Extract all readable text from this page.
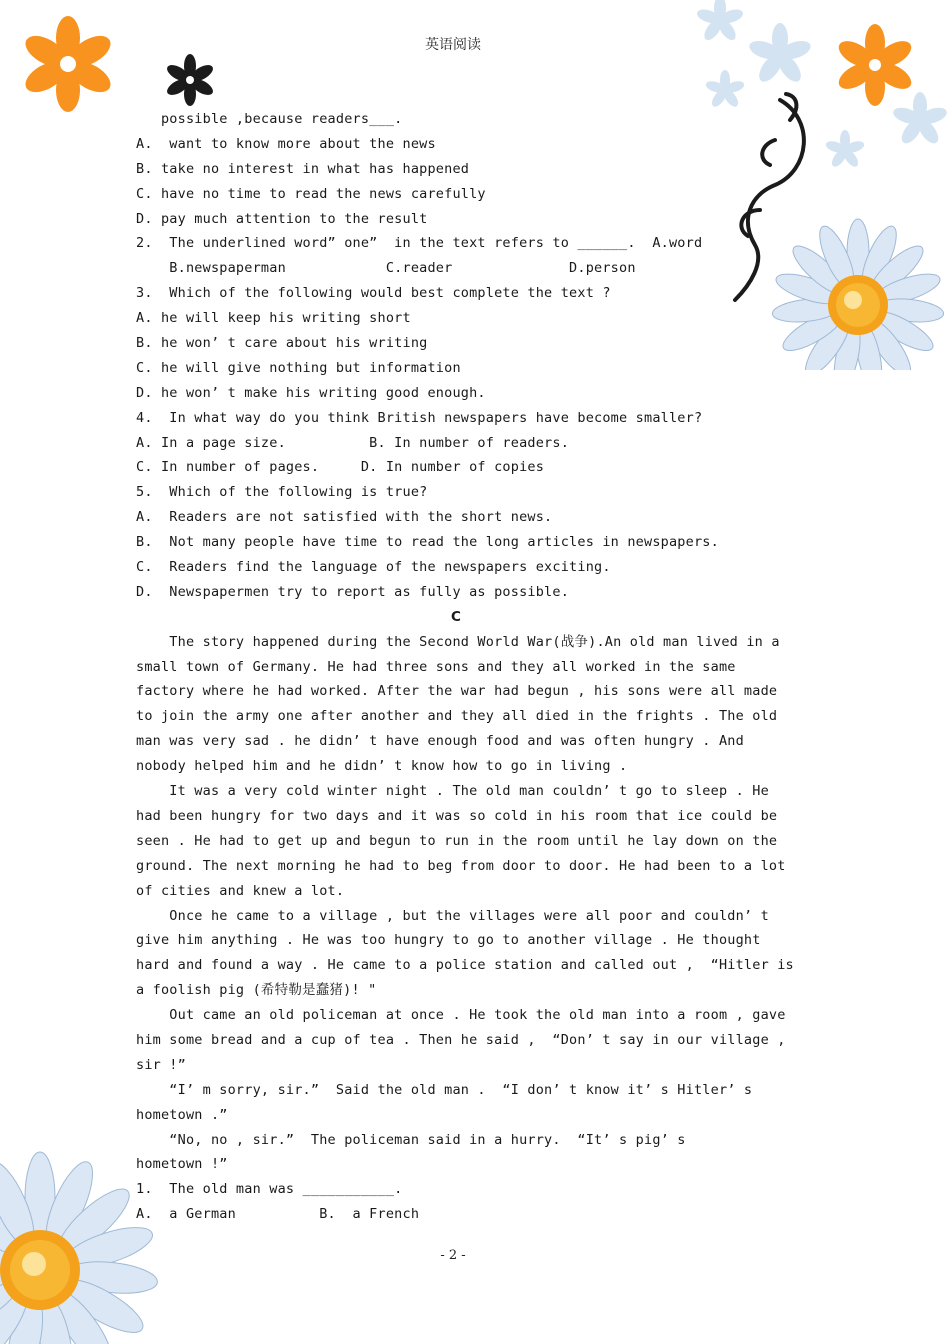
英语阅读
possible ,because readers___.
A.  want to know more about the news
B. take no interest in what has happened
C. have no time to read the news carefully
D. pay much attention to the result
2.  The underlined word” one”  in the text refers to ______.  A.word
B.newspaperman            C.reader              D.person
3.  Which of the following would best complete the text ?
A. he will keep his writing short
B. he won’ t care about his writing
C. he will give nothing but information
D. he won’ t make his writing good enough.
4.  In what way do you think British newspapers have become smaller?
A. In a page size.          B. In number of readers.
C. In number of pages.     D. In number of copies
5.  Which of the following is true?
A.  Readers are not satisfied with the short news.
B.  Not many people have time to read the long articles in newspapers.
C.  Readers find the language of the newspapers exciting.
D.  Newspapermen try to report as fully as possible.
C
The story happened during the Second World War(战争).An old man lived in a
small town of Germany. He had three sons and they all worked in the same
factory where he had worked. After the war had begun , his sons were all made
to join the army one after another and they all died in the frights . The old
man was very sad . he didn’ t have enough food and was often hungry . And
nobody helped him and he didn’ t know how to go in living .
It was a very cold winter night . The old man couldn’ t go to sleep . He
had been hungry for two days and it was so cold in his room that ice could be
seen . He had to get up and begun to run in the room until he lay down on the
ground. The next morning he had to beg from door to door. He had been to a lot
of cities and knew a lot.
Once he came to a village , but the villages were all poor and couldn’ t
give him anything . He was too hungry to go to another village . He thought
hard and found a way . He came to a police station and called out ,  “Hitler is
a foolish pig (希特勒是蠢猪)! "
Out came an old policeman at once . He took the old man into a room , gave
him some bread and a cup of tea . Then he said ,  “Don’ t say in our village ,
sir !”
“I’ m sorry, sir.”  Said the old man .  “I don’ t know it’ s Hitler’ s
hometown .”
“No, no , sir.”  The policeman said in a hurry.  “It’ s pig’ s
hometown !”
1.  The old man was ___________.
A.  a German          B.  a French
- 2 -
